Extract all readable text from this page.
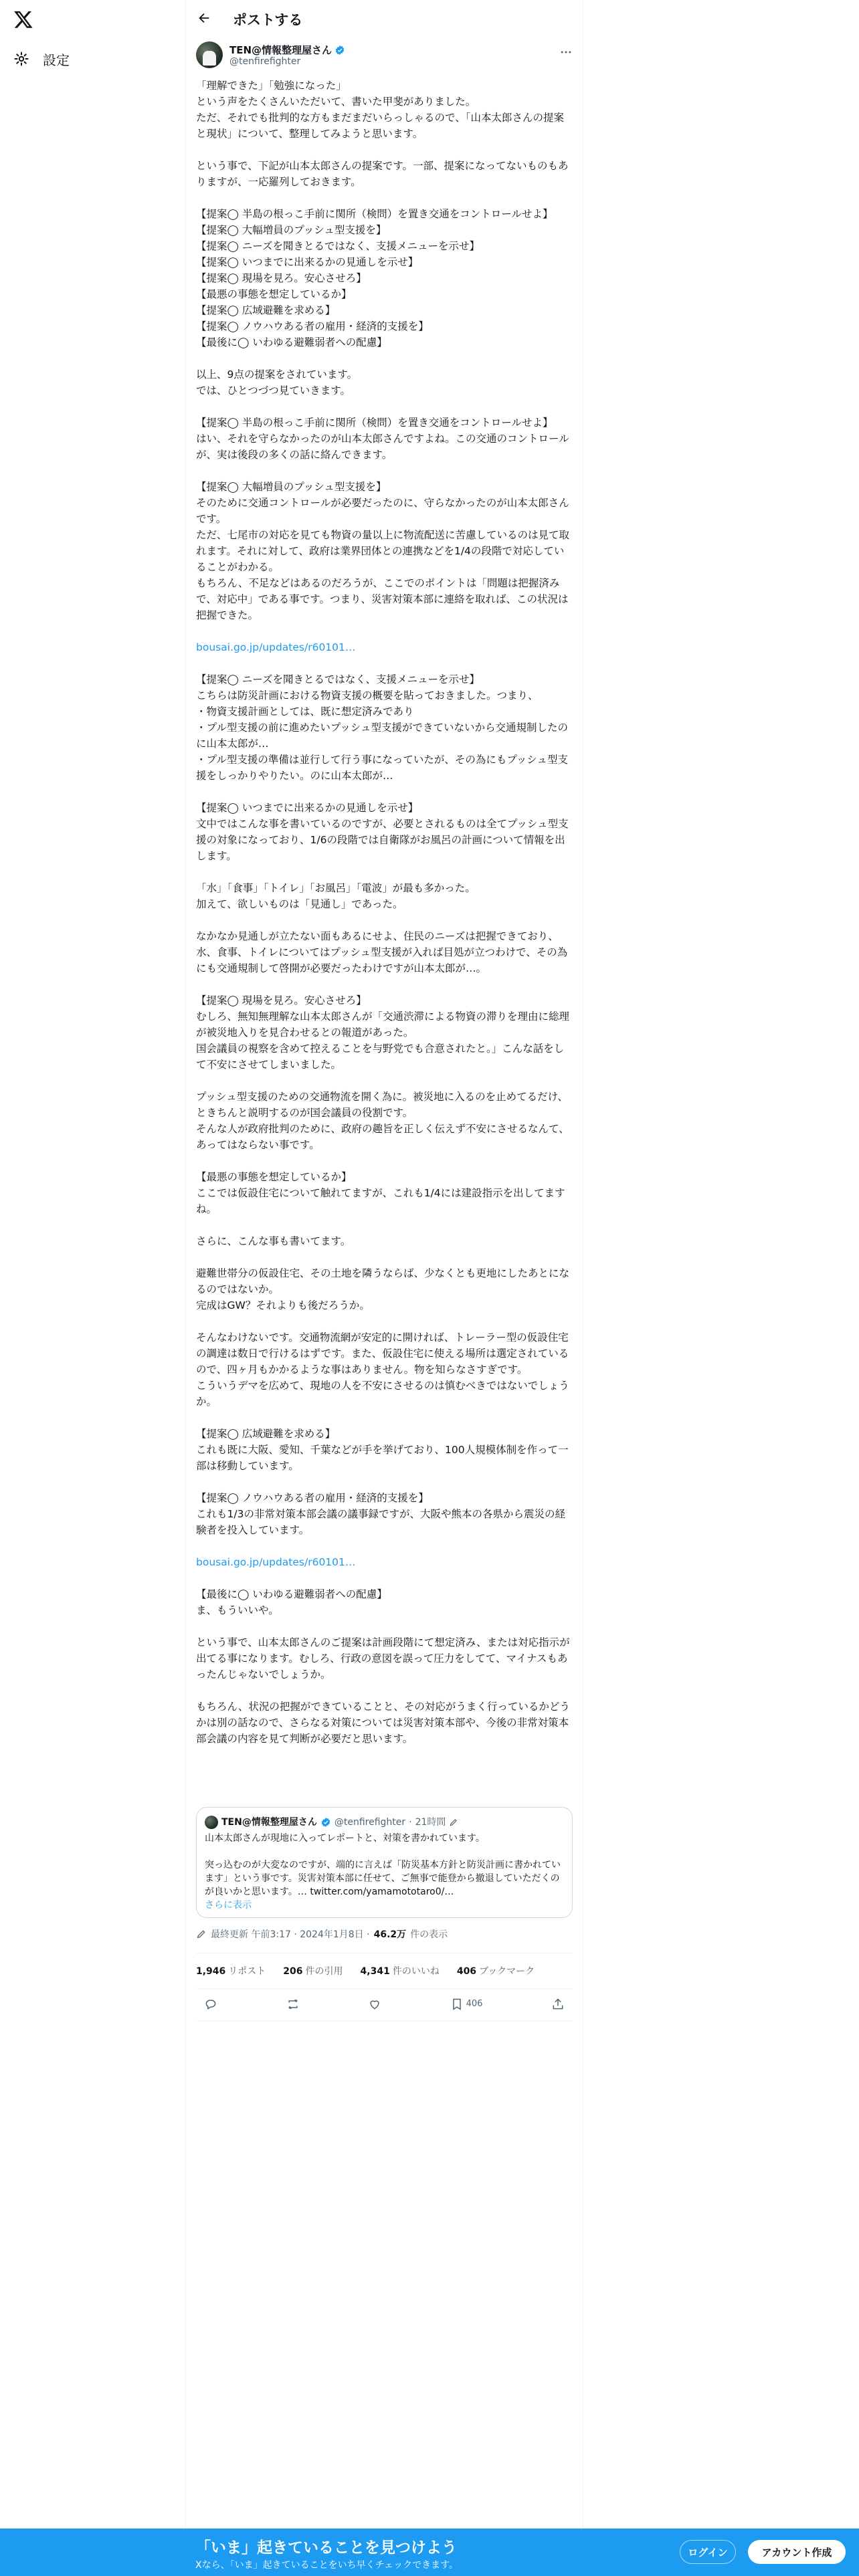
設定
ポストする
TEN@情報整理屋さん
@tenfirefighter

「理解できた」「勉強になった」
という声をたくさんいただいて、書いた甲斐がありました。
ただ、それでも批判的な方もまだまだいらっしゃるので、「山本太郎さんの提案と現状」について、整理してみようと思います。

という事で、下記が山本太郎さんの提案です。一部、提案になってないものもありますが、一応羅列しておきます。

【提案◯ 半島の根っこ手前に関所（検問）を置き交通をコントロールせよ】
【提案◯ 大幅増員のプッシュ型支援を】
【提案◯ ニーズを聞きとるではなく、支援メニューを示せ】
【提案◯ いつまでに出来るかの見通しを示せ】
【提案◯ 現場を見ろ。安心させろ】
【最悪の事態を想定しているか】
【提案◯ 広域避難を求める】
【提案◯ ノウハウある者の雇用・経済的支援を】
【最後に◯ いわゆる避難弱者への配慮】

以上、9点の提案をされています。
では、ひとつづつ見ていきます。

【提案◯ 半島の根っこ手前に関所（検問）を置き交通をコントロールせよ】
はい、それを守らなかったのが山本太郎さんですよね。この交通のコントロールが、実は後段の多くの話に絡んできます。

【提案◯ 大幅増員のプッシュ型支援を】
そのために交通コントロールが必要だったのに、守らなかったのが山本太郎さんです。
ただ、七尾市の対応を見ても物資の量以上に物流配送に苦慮しているのは見て取れます。それに対して、政府は業界団体との連携などを1/4の段階で対応していることがわかる。
もちろん、不足などはあるのだろうが、ここでのポイントは「問題は把握済みで、対応中」である事です。つまり、災害対策本部に連絡を取れば、この状況は把握できた。

bousai.go.jp/updates/r60101…

【提案◯ ニーズを聞きとるではなく、支援メニューを示せ】
こちらは防災計画における物資支援の概要を貼っておきました。つまり、
・物資支援計画としては、既に想定済みであり
・プル型支援の前に進めたいプッシュ型支援ができていないから交通規制したのに山本太郎が…
・プル型支援の準備は並行して行う事になっていたが、その為にもプッシュ型支援をしっかりやりたい。のに山本太郎が…

【提案◯ いつまでに出来るかの見通しを示せ】
文中ではこんな事を書いているのですが、必要とされるものは全てプッシュ型支援の対象になっており、1/6の段階では自衛隊がお風呂の計画について情報を出します。

「水」「食事」「トイレ」「お風呂」「電波」が最も多かった。
加えて、欲しいものは「見通し」であった。

なかなか見通しが立たない面もあるにせよ、住民のニーズは把握できており、水、食事、トイレについてはプッシュ型支援が入れば目処が立つわけで、その為にも交通規制して啓開が必要だったわけですが山本太郎が…。

【提案◯ 現場を見ろ。安心させろ】
むしろ、無知無理解な山本太郎さんが「交通渋滞による物資の滞りを理由に総理が被災地入りを見合わせるとの報道があった。
国会議員の視察を含めて控えることを与野党でも合意されたと。」こんな話をして不安にさせてしまいました。

プッシュ型支援のための交通物流を開く為に。被災地に入るのを止めてるだけ、ときちんと説明するのが国会議員の役割です。
そんな人が政府批判のために、政府の趣旨を正しく伝えず不安にさせるなんて、あってはならない事です。

【最悪の事態を想定しているか】
ここでは仮設住宅について触れてますが、これも1/4には建設指示を出してますね。

さらに、こんな事も書いてます。

避難世帯分の仮設住宅、その土地を隣うならば、少なくとも更地にしたあとになるのではないか。
完成はGW？それよりも後だろうか。

そんなわけないです。交通物流網が安定的に開ければ、トレーラー型の仮設住宅の調達は数日で行けるはずです。また、仮設住宅に使える場所は選定されているので、四ヶ月もかかるような事はありません。物を知らなさすぎです。
こういうデマを広めて、現地の人を不安にさせるのは慎むべきではないでしょうか。

【提案◯ 広域避難を求める】
これも既に大阪、愛知、千葉などが手を挙げており、100人規模体制を作って一部は移動しています。

【提案◯ ノウハウある者の雇用・経済的支援を】
これも1/3の非常対策本部会議の議事録ですが、大阪や熊本の各県から震災の経験者を投入しています。

bousai.go.jp/updates/r60101…

【最後に◯ いわゆる避難弱者への配慮】
ま、もういいや。

という事で、山本太郎さんのご提案は計画段階にて想定済み、または対応指示が出てる事になります。むしろ、行政の意図を誤って圧力をしてて、マイナスもあったんじゃないでしょうか。

もちろん、状況の把握ができていることと、その対応がうまく行っているかどうかは別の話なので、さらなる対策については災害対策本部や、今後の非常対策本部会議の内容を見て判断が必要だと思います。

TEN@情報整理屋さん @tenfirefighter · 21時間
山本太郎さんが現地に入ってレポートと、対策を書かれています。

突っ込むのが大変なのですが、端的に言えば「防災基本方針と防災計画に書かれています」という事です。災害対策本部に任せて、ご無事で能登から撤退していただくのが良いかと思います。… twitter.com/yamamototaro0/…
さらに表示
最終更新 午前3:17 · 2024年1月8日 · 46.2万 件の表示
1,946 リポスト 206 件の引用 4,341 件のいいね 406 ブックマーク
406
「いま」起きていることを見つけよう
Xなら、「いま」起きていることをいち早くチェックできます。
ログイン	アカウント作成
